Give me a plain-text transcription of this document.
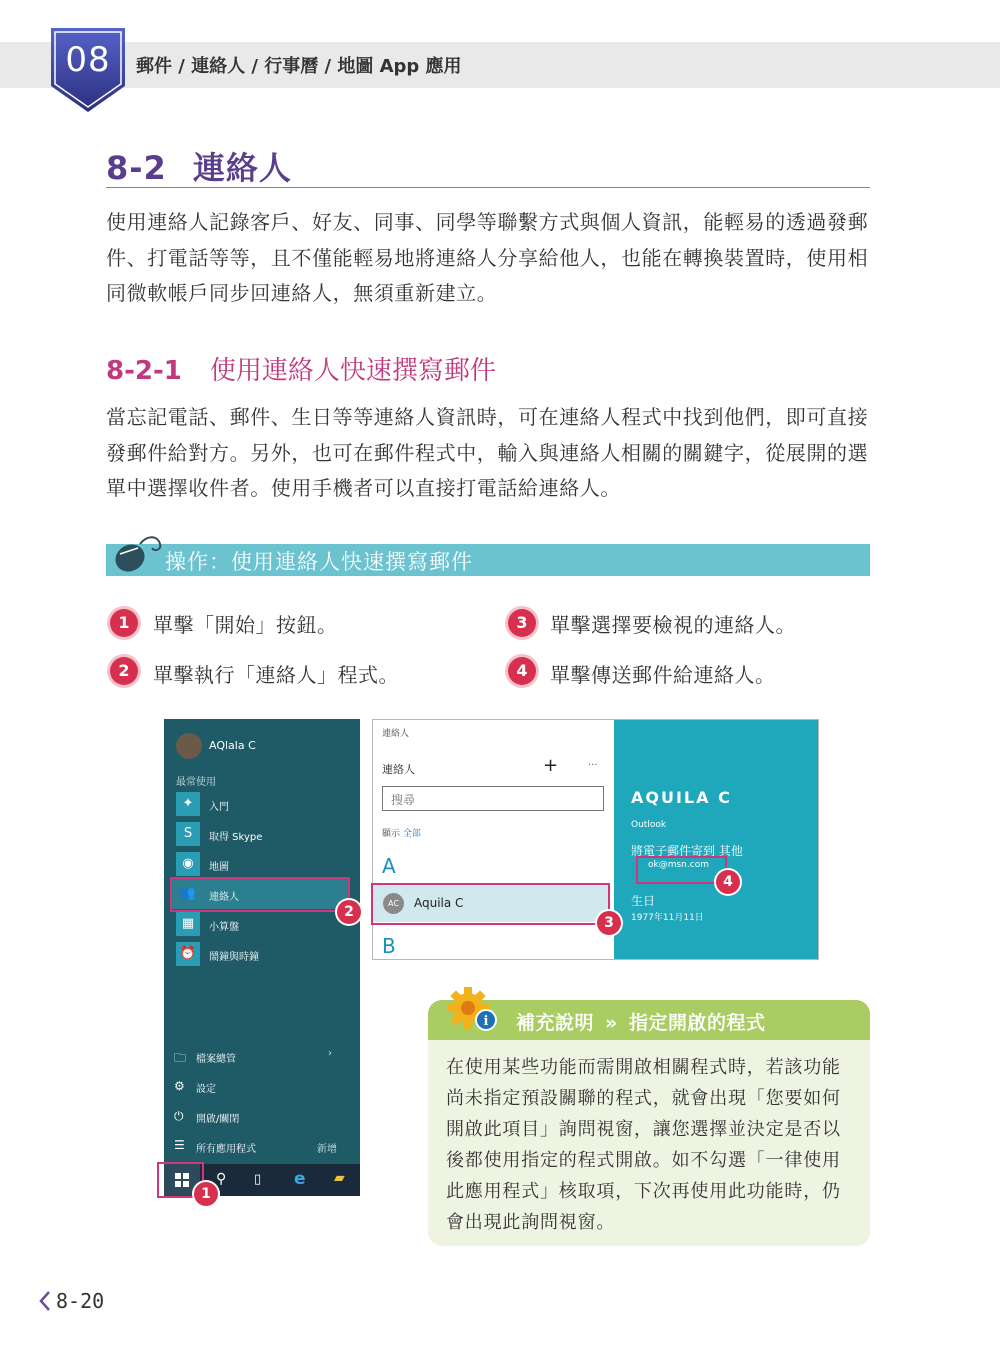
08	郵件 / 連絡人 / 行事曆 / 地圖 App 應用
8-2 連絡人

使用連絡人記錄客戶、好友、同事、同學等聯繫方式與個人資訊，能輕易的透過發郵件、打電話等等，且不僅能輕易地將連絡人分享給他人，也能在轉換裝置時，使用相同微軟帳戶同步回連絡人，無須重新建立。

8-2-1 使用連絡人快速撰寫郵件

當忘記電話、郵件、生日等等連絡人資訊時，可在連絡人程式中找到他們，即可直接發郵件給對方。另外，也可在郵件程式中，輸入與連絡人相關的關鍵字，從展開的選單中選擇收件者。使用手機者可以直接打電話給連絡人。

操作：使用連絡人快速撰寫郵件
1	單擊「開始」按鈕。
2	單擊執行「連絡人」程式。
3	單擊選擇要檢視的連絡人。
4	單擊傳送郵件給連絡人。
AQlala C
最常使用
✦	入門
S	取得 Skype
◉	地圖
👥	連絡人
▦	小算盤
⏰	鬧鐘與時鐘
🗀 檔案總管
›
⚙ 設定
⏻ 開啟/關閉
☰ 所有應用程式	新增
⚲ ▯ e ▰
2
1
連絡人
連絡人	+	···
搜尋
顯示 全部
A
AC	Aquila C
B
AQUILA C
Outlook
將電子郵件寄到 其他
ok@msn.com
生日
1977年11月11日
3
4
i 補充說明 » 指定開啟的程式

在使用某些功能而需開啟相關程式時，若該功能尚未指定預設關聯的程式，就會出現「您要如何開啟此項目」詢問視窗，讓您選擇並決定是否以後都使用指定的程式開啟。如不勾選「一律使用此應用程式」核取項，下次再使用此功能時，仍會出現此詢問視窗。

8-20
